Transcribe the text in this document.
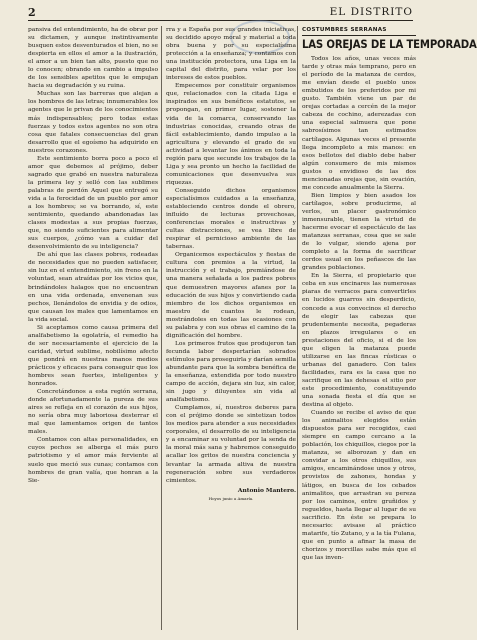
2	EL DISTRITO

pansiva del entendimiento, ha de obrar por su dictamen, y aunque instintivamente busquen estos desventurados el bien, no se despierta en ellos el amor a la ilustración, el amor a un bien tan alto, puesto que no lo conocen; obrando en cambio a impulso de los sensibles apetitos que le empujan hacia su degradación y su ruina.

Muchas son las barreras que alejan a los hombres de las letras; innumerables los agentes que le privan de los conocimientos más indispensables; pero todas estas fuerzas y todos estos agentes no son otra cosa que fatales consecuencias del gran desarrollo que el egoísmo ha adquirido en nuestros corazones.

Este sentimiento borra poco a poco el amor que debemos al prójimo, deber sagrado que grabó en nuestra naturaleza la primera ley y selló con las sublimes palabras de perdón Aquel que entregó su vida a la ferocidad de un pueblo por amor a los hombres; se va borrando, sí, este sentimiento, quedando abandonadas las clases modestas a sus propias fuerzas, que, no siendo suficientes para alimentar sus cuerpos, ¿cómo van a cuidar del desenvolvimiento de su inteligencia?

De ahí que las clases pobres, rodeadas de necesidades que no pueden satisfacer, sin luz en el entendimiento, sin freno en la voluntad, sean atraídas por los vicios que, brindándoles halagos que no encuentran en una vida ordenada, envenenan sus pechos, llenándolos de envidia y de odios, que causan los males que lamentamos en la vida social.

Si aceptamos como causa primera del analfabetismo la egolatría, el remedio ha de ser necesariamente el ejercicio de la caridad, virtud sublime, nobilísimo afecto que pondrá en nuestras manos medios prácticos y eficaces para conseguir que los hombres sean fuertes, inteligentes y honrados.

Concretándonos a esta región serrana, donde afortunadamente la pureza de sus aires se refleja en el corazón de sus hijos, no sería obra muy laboriosa desterrar el mal que lamentamos origen de tantos males.

Contamos con altas personalidades, en cuyos pechos se alberga el más puro patriotismo y el amor más ferviente al suelo que meció sus cunas; contamos con hombres de gran valía, que honran a la Sie-

rra y a España por sus grandes iniciativas, su decidido apoyo moral y material a toda obra buena y por su especialísima protección a la enseñanza; y contamos con una institución protectora, una Liga en la capital del distrito, para velar por los intereses de estos pueblos.

Empecemos por constituir organismos que, relacionados con la citada Liga e inspirados en sus benéficos estatutos, se propongan, en primer lugar, sostener la vida de la comarca, conservando las industrias conocidas, creando otras de fácil establecimiento, dando impulso a la agricultura y elevando el grado de su actividad a levantar los ánimos en toda la región para que secunde los trabajos de la Liga y sea pronto un hecho la facilidad de comunicaciones que desenvuelva sus riquezas.

Conseguido dichos organismos especialísimos cuidados a la enseñanza, estableciendo centros donde el obrero, influído de lecturas provechosas, conferencias morales e instructivas y cultas distracciones, se vea libre de respirar el pernicioso ambiente de las tabernas.

Organicemos espectáculos y fiestas de cultura con premios a la virtud, la instrucción y el trabajo, premiándose de una manera señalada a los padres pobres que demuestren mayores afanes por la educación de sus hijos y convirtiendo cada miembro de los dichos organismos en maestro de cuantos le rodean, mostrándoles en todas las ocasiones con su palabra y con sus obras el camino de la dignificación del hombre.

Los primeros frutos que produjeron tan fecunda labor despertarían sobrados estímulos para proseguirla y darían semilla abundante para que la sombra benéfica de la enseñanza, extendida por todo nuestro campo de acción, dejara sin luz, sin calor, sin jugo y diluyentes sin vida al analfabetismo.

Cumplamos, sí, nuestros deberes para con el prójimo donde se sintetizan todos los medios para atender a sus necesidades corporales, el desarrollo de su inteligencia y a encaminar su voluntad por la senda de la moral más sana y habremos conseguido acallar los gritos de nuestra conciencia y levantar la armada altiva de nuestra regeneración sobre sus verdaderos cimientos.

Antonio Mantero.
Hoyos junio a Amaría.
COSTUMBRES SERRANAS
LAS OREJAS DE LA TEMPORADA

Todos los años, unas veces más tarde y otras más temprano, pero en el período de la matanza de cerdos, me envían desde el pueblo unos embutidos de los preferidos por mi gusto. También viene un par de orejas cortadas a cercén de la mejor cabeza de cochino, aderezadas con una especial salmuera que pone sabrosísimos tan estimados cartílagos. Algunas veces el presente llega incompleto a mis manos: en esos bellotos del diablo debe haber algún consumero de mis mismos gustos o envidioso de las dos mencionadas orejas que, sin ovación, me concede anualmente la Sierra.

Bien limpios y bien asados los cartílagos, sobre producirme, al verlos, un placer gastronómico inmensurable, tienen la virtud de hacerme evocar el espectáculo de las matanzas serranas, cosa que se sale de lo vulgar, siendo ajena por completo a la forma de sacrificar cerdos usual en los peñascos de las grandes poblaciones.

En la Sierra, el propietario que ceba en sus encinares las numerosas piaras de verracos para convertirles en lucidos guarros sin desperdicio, concede a sus convecinos el derecho de elegir las cabezas que prudentemente necesita, pegaderas en plazos irregulares o en prestaciones del oficio, si el de los que eligen la matanza puede utilizarse en las fincas rústicas o urbanas del ganadero. Con tales facilidades, rara es la casa que no sacrifique en las dehesas el sitio por este procedimiento, constituyendo una sonada fiesta el día que se destina al objeto.

Cuando se recibe el aviso de que los animalitos elegidos están dispuestos para ser recogidos, casi siempre en campo cercano a la población, los chiquillos, ciegos por la matanza, se alborozan y dan en convidar a los otros chiquillos, sus amigos, encaminándose unos y otros, provistos de zahones, hondas y látigos, en busca de los cebados animalitos, que arrastran su pereza por los caminos, entre gruñidos y regueldos, hasta llegar al lugar de su sacrificio. En éste se prepara lo necesario: avisase al práctico matarife, tío Zutano, y a la tía Fulana, que en punto a afinar la masa de chorizos y morcillas sabe más que el que las inven-
